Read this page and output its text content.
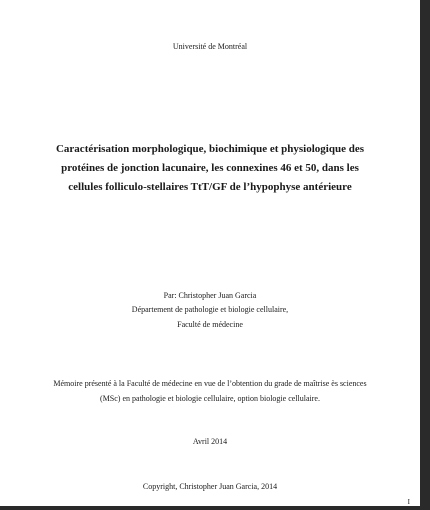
Université de Montréal
Caractérisation morphologique, biochimique et physiologique des
protéines de jonction lacunaire, les connexines 46 et 50, dans les
cellules folliculo-stellaires TtT/GF de l’hypophyse antérieure
Par: Christopher Juan Garcia
Département de pathologie et biologie cellulaire,
Faculté de médecine
Mémoire présenté à la Faculté de médecine en vue de l’obtention du grade de maîtrise ès sciences
(MSc) en pathologie et biologie cellulaire, option biologie cellulaire.
Avril 2014
Copyright, Christopher Juan Garcia, 2014
I
